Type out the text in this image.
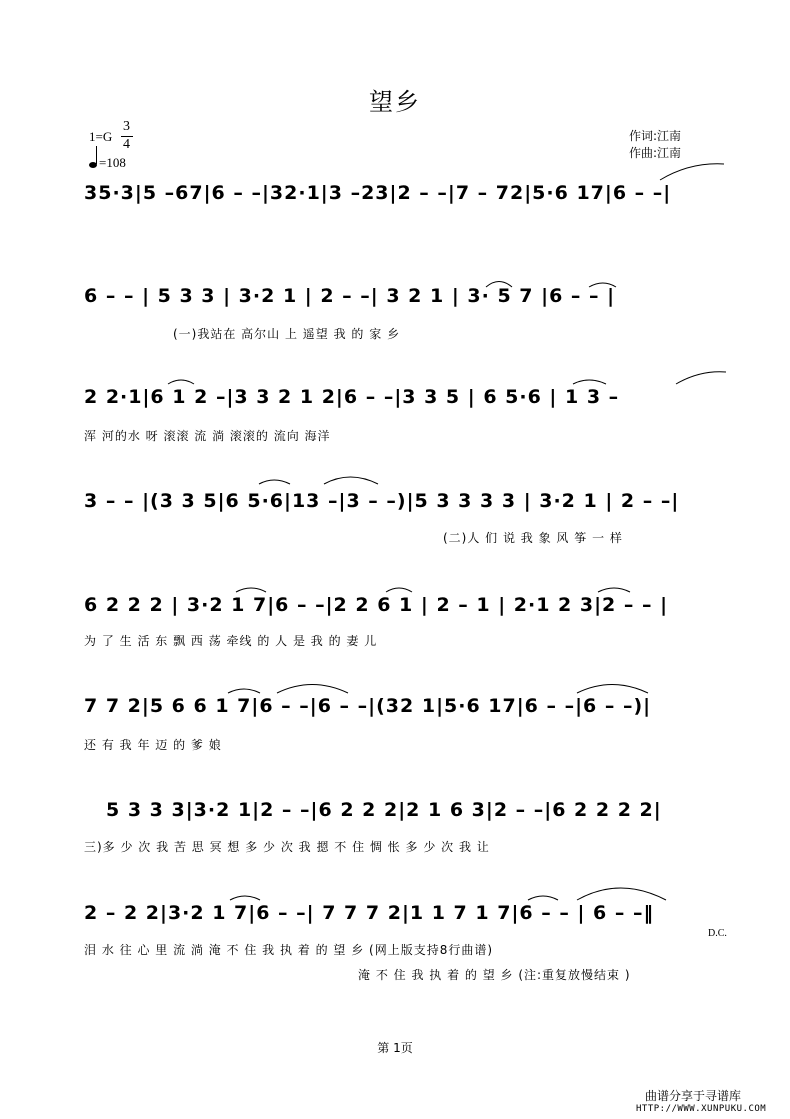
望乡
1=G
3
4
=108
作词:江南
作曲:江南
35·3|5 –67|6 – –|32·1|3 –23|2 – –|7 – 72|5·6 17|6 – –|
6 – – | 5 3 3 | 3·2 1 | 2 – –| 3 2 1 | 3· 5 7 |6 – – |
(一)我站在 高尔山 上 遥望 我 的 家 乡
2 2·1|6 1 2 –|3 3 2 1 2|6 – –|3 3 5 | 6 5·6 | 1 3 –
浑 河的水 呀 滚滚 流 淌 滚滚的 流向 海洋
3 – – |(3 3 5|6 5·6|13 –|3 – –)|5 3 3 3 3 | 3·2 1 | 2 – –|
(二)人 们 说 我 象 风 筝 一 样
6 2 2 2 | 3·2 1 7|6 – –|2 2 6 1 | 2 – 1 | 2·1 2 3|2 – – |
为 了 生 活 东 飘 西 荡 牵线 的 人 是 我 的 妻 儿
7 7 2|5 6 6 1 7|6 – –|6 – –|(32 1|5·6 17|6 – –|6 – –)|
还 有 我 年 迈 的 爹 娘
5 3 3 3|3·2 1|2 – –|6 2 2 2|2 1 6 3|2 – –|6 2 2 2 2|
三)多 少 次 我 苦 思 冥 想 多 少 次 我 摁 不 住 惆 怅 多 少 次 我 让
2 – 2 2|3·2 1 7|6 – –| 7 7 7 2|1 1 7 1 7|6 – – | 6 – –‖
D.C.
泪 水 往 心 里 流 淌 淹 不 住 我 执 着 的 望 乡 (网上版支持8行曲谱)
淹 不 住 我 执 着 的 望 乡 (注:重复放慢结束 )
第 1页
曲谱分享于寻谱库
HTTP://WWW.XUNPUKU.COM
